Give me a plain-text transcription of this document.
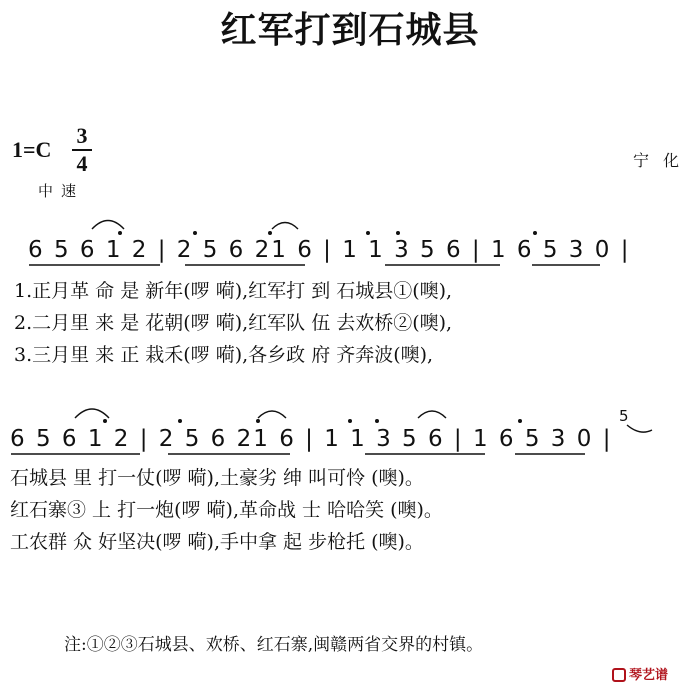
红军打到石城县
1=C
3
4
中速
宁化
6 5 6 1 2 | 2 5 6 21 6 | 1 1 3 5 6 | 1 6 5 3 0 |
1.正月革 命 是 新年(啰 嗬),红军打 到 石城县①(噢),
2.二月里 来 是 花朝(啰 嗬),红军队 伍 去欢桥②(噢),
3.三月里 来 正 栽禾(啰 嗬),各乡政 府 齐奔波(噢),
5
6 5 6 1 2 | 2 5 6 21 6 | 1 1 3 5 6 | 1 6 5 3 0 |
石城县 里 打一仗(啰 嗬),土豪劣 绅 叫可怜 (噢)。
红石寨③ 上 打一炮(啰 嗬),革命战 士 哈哈笑 (噢)。
工农群 众 好坚决(啰 嗬),手中拿 起 步枪托 (噢)。
注:①②③石城县、欢桥、红石寨,闽赣两省交界的村镇。
琴艺谱
